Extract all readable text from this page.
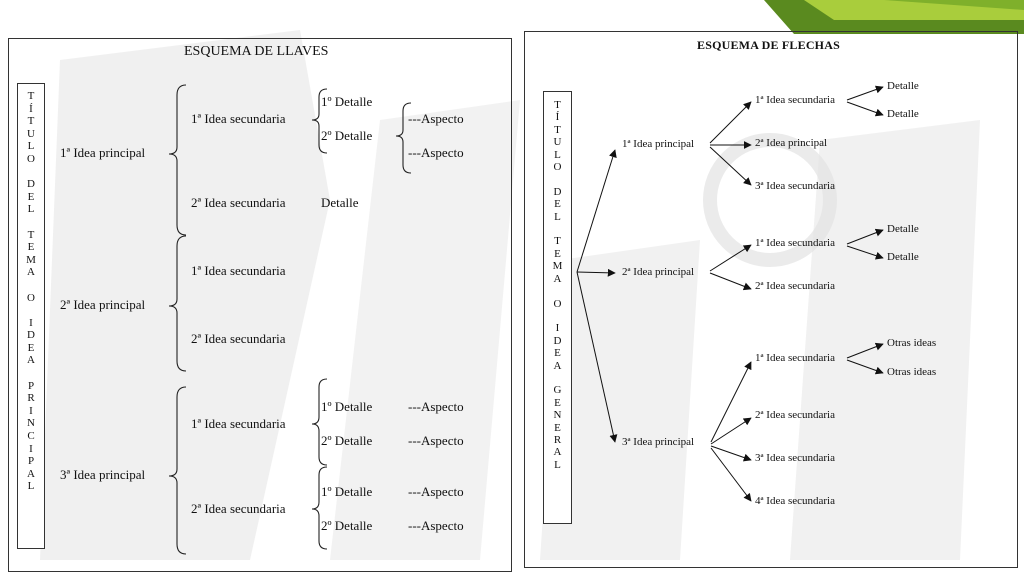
ESQUEMA DE LLAVES
T
Í
T
U
L
O

D
E
L

T
E
M
A

O

I
D
E
A

P
R
I
N
C
I
P
A
L
1ª Idea principal
2ª Idea principal
3ª Idea principal
1ª Idea secundaria
2ª Idea secundaria
1ª Idea secundaria
2ª Idea secundaria
1ª Idea secundaria
2ª Idea secundaria
1º Detalle
2º Detalle
Detalle
---Aspecto
---Aspecto
1º Detalle
2º Detalle
1º Detalle
2º Detalle
---Aspecto
---Aspecto
---Aspecto
---Aspecto
ESQUEMA DE FLECHAS
T
Í
T
U
L
O

D
E
L

T
E
M
A

O

I
D
E
A

G
E
N
E
R
A
L
1ª Idea principal
2ª Idea principal
3ª Idea principal
1ª Idea secundaria
2ª Idea principal
3ª Idea secundaria
Detalle
Detalle
1ª Idea secundaria
2ª Idea secundaria
Detalle
Detalle
1ª Idea secundaria
2ª Idea secundaria
3ª Idea secundaria
4ª Idea secundaria
Otras ideas
Otras ideas
